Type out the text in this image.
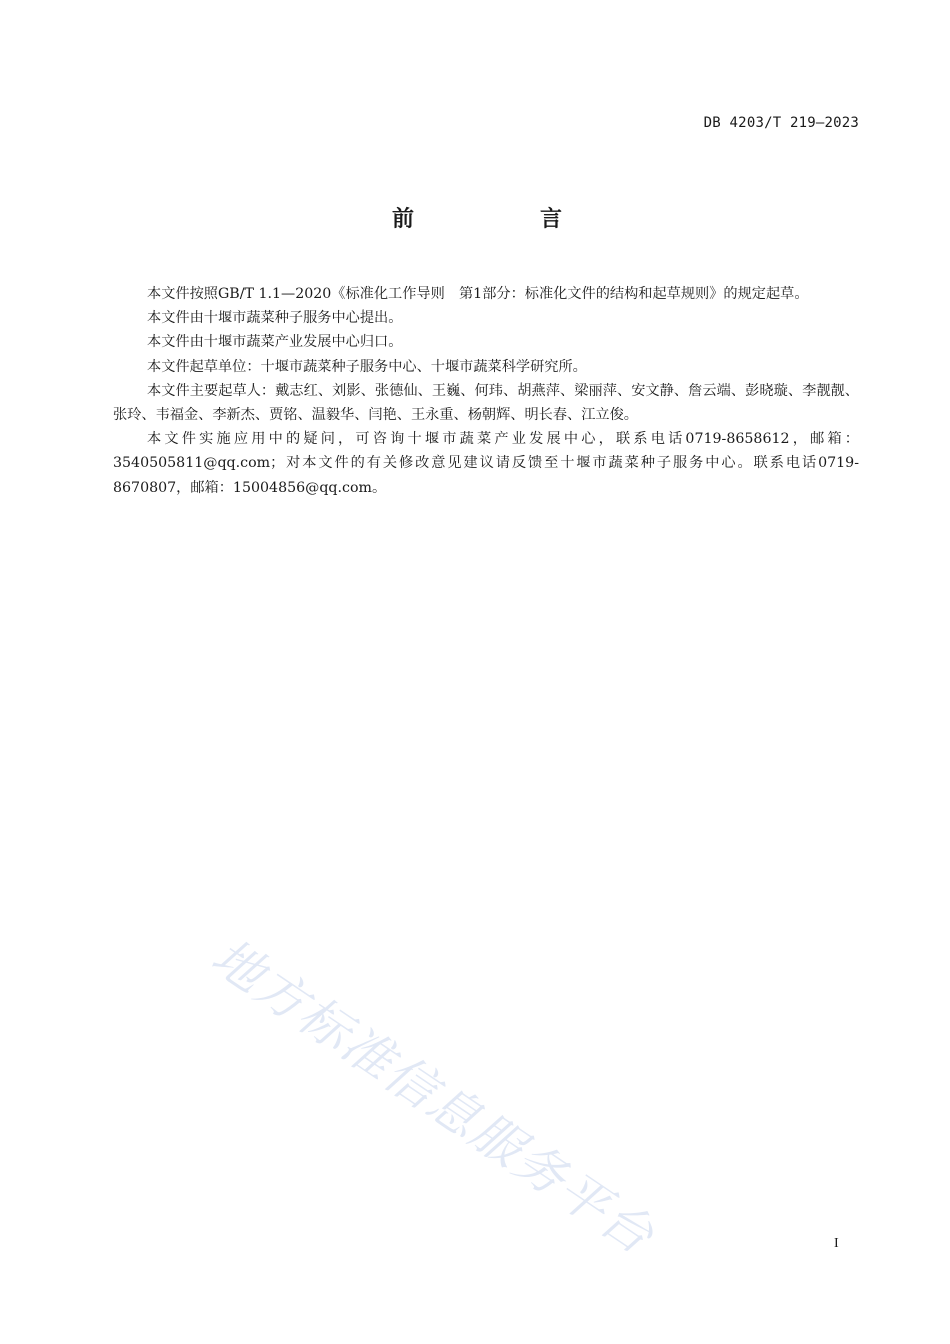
DB 4203/T 219—2023
前　言

本文件按照GB/T 1.1—2020《标准化工作导则　第1部分：标准化文件的结构和起草规则》的规定起草。

本文件由十堰市蔬菜种子服务中心提出。

本文件由十堰市蔬菜产业发展中心归口。

本文件起草单位：十堰市蔬菜种子服务中心、十堰市蔬菜科学研究所。

本文件主要起草人：戴志红、刘影、张德仙、王巍、何玮、胡燕萍、梁丽萍、安文静、詹云端、彭晓璇、李靓靓、张玲、韦福金、李新杰、贾铭、温毅华、闫艳、王永重、杨朝辉、明长春、江立俊。

本文件实施应用中的疑问，可咨询十堰市蔬菜产业发展中心，联系电话0719-8658612，邮箱：3540505811@qq.com；对本文件的有关修改意见建议请反馈至十堰市蔬菜种子服务中心。联系电话0719-8670807，邮箱：15004856@qq.com。

地方标准信息服务平台	I
